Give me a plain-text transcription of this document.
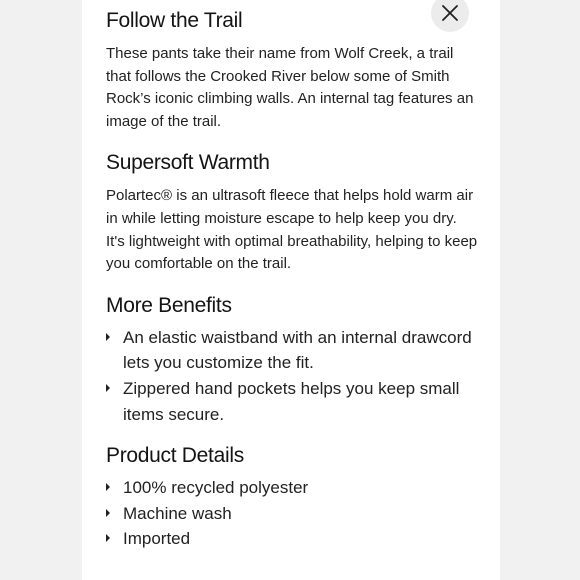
Follow the Trail

These pants take their name from Wolf Creek, a trail that follows the Crooked River below some of Smith Rock’s iconic climbing walls. An internal tag features an image of the trail.

Supersoft Warmth

Polartec® is an ultrasoft fleece that helps hold warm air in while letting moisture escape to help keep you dry. It's lightweight with optimal breathability, helping to keep you comfortable on the trail.

More Benefits
An elastic waistband with an internal drawcord lets you customize the fit.
Zippered hand pockets helps you keep small items secure.
Product Details
100% recycled polyester
Machine wash
Imported
